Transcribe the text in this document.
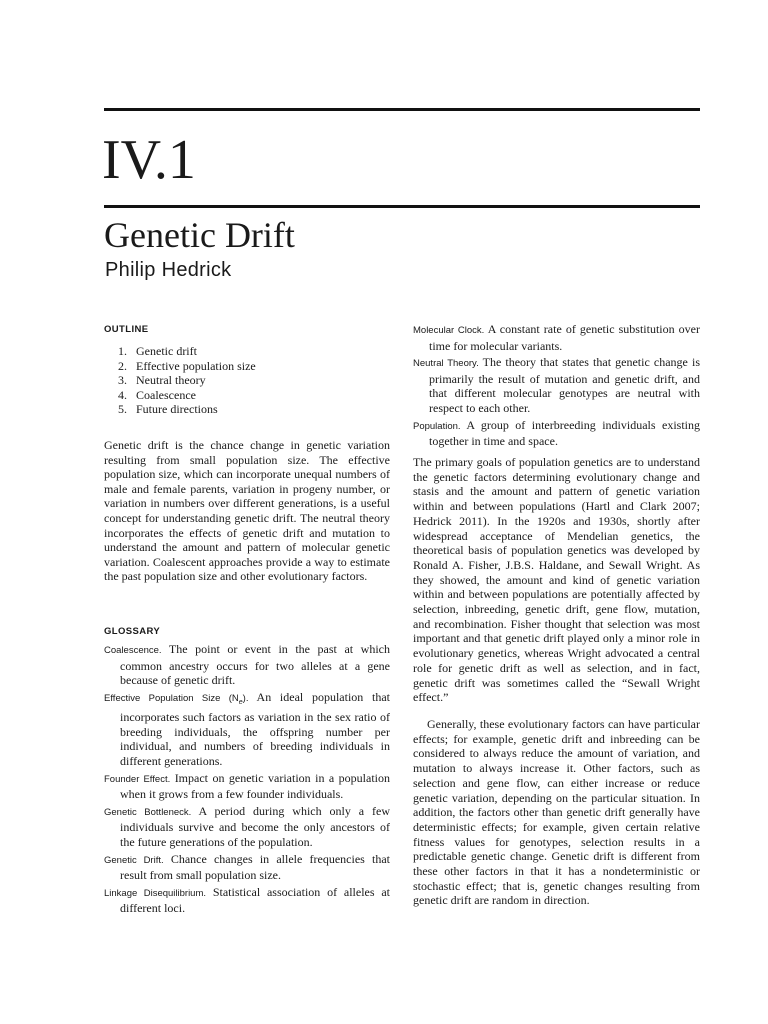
IV.1
Genetic Drift
Philip Hedrick
OUTLINE
1. Genetic drift
2. Effective population size
3. Neutral theory
4. Coalescence
5. Future directions
Genetic drift is the chance change in genetic variation resulting from small population size. The effective population size, which can incorporate unequal numbers of male and female parents, variation in progeny number, or variation in numbers over different generations, is a useful concept for understanding genetic drift. The neutral theory incorporates the effects of genetic drift and mutation to understand the amount and pattern of molecular genetic variation. Coalescent approaches provide a way to estimate the past population size and other evolutionary factors.
GLOSSARY

Coalescence. The point or event in the past at which common ancestry occurs for two alleles at a gene because of genetic drift.

Effective Population Size $(N_e)$. An ideal population that incorporates such factors as variation in the sex ratio of breeding individuals, the offspring number per individual, and numbers of breeding individuals in different generations.

Founder Effect. Impact on genetic variation in a population when it grows from a few founder individuals.

Genetic Bottleneck. A period during which only a few individuals survive and become the only ancestors of the future generations of the population.

Genetic Drift. Chance changes in allele frequencies that result from small population size.

Linkage Disequilibrium. Statistical association of alleles at different loci.

Molecular Clock. A constant rate of genetic substitution over time for molecular variants.

Neutral Theory. The theory that states that genetic change is primarily the result of mutation and genetic drift, and that different molecular genotypes are neutral with respect to each other.

Population. A group of interbreeding individuals existing together in time and space.

The primary goals of population genetics are to understand the genetic factors determining evolutionary change and stasis and the amount and pattern of genetic variation within and between populations (Hartl and Clark 2007; Hedrick 2011). In the 1920s and 1930s, shortly after widespread acceptance of Mendelian genetics, the theoretical basis of population genetics was developed by Ronald A. Fisher, J.B.S. Haldane, and Sewall Wright. As they showed, the amount and kind of genetic variation within and between populations are potentially affected by selection, inbreeding, genetic drift, gene flow, mutation, and recombination. Fisher thought that selection was most important and that genetic drift played only a minor role in evolutionary genetics, whereas Wright advocated a central role for genetic drift as well as selection, and in fact, genetic drift was sometimes called the “Sewall Wright effect.”
Generally, these evolutionary factors can have particular effects; for example, genetic drift and inbreeding can be considered to always reduce the amount of variation, and mutation to always increase it. Other factors, such as selection and gene flow, can either increase or reduce genetic variation, depending on the particular situation. In addition, the factors other than genetic drift generally have deterministic effects; for example, given certain relative fitness values for genotypes, selection results in a predictable genetic change. Genetic drift is different from these other factors in that it has a nondeterministic or stochastic effect; that is, genetic changes resulting from genetic drift are random in direction.
